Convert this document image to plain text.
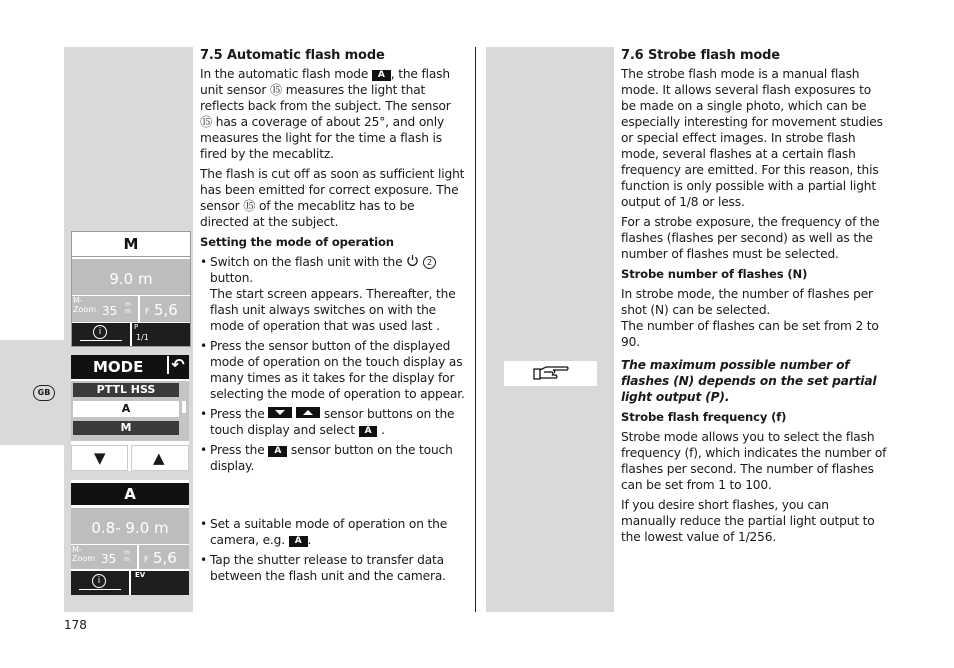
GB
M
9.0 m
M-
Zoom 35 m
m F 5,6
i	P
1/1
MODE ↶
PTTL HSS
A
M
▼	▲
A
0.8- 9.0 m
M-
Zoom 35 m
m F 5,6
i
EV
7.5 Automatic flash mode

In the automatic flash mode A , the flash unit sensor ⑮ measures the light that reflects back from the subject. The sensor ⑮ has a coverage of about 25°, and only measures the light for the time a flash is fired by the mecablitz.

The flash is cut off as soon as sufficient light has been emitted for correct exposure. The sensor ⑮ of the mecablitz has to be directed at the subject.

Setting the mode of operation
• Switch on the flash unit with the	2
button.
The start screen appears. Thereafter, the flash unit always switches on with the mode of operation that was used last .
• Press the sensor button of the displayed mode of operation on the touch display as many times as it takes for the display for selecting the mode of operation to appear.
• Press the
	sensor buttons on the touch display and select A .
• Press the A sensor button on the touch display.
• Set a suitable mode of operation on the camera, e.g. A .
• Tap the shutter release to transfer data between the flash unit and the camera.
7.6 Strobe flash mode

The strobe flash mode is a manual flash mode. It allows several flash exposures to be made on a single photo, which can be especially interesting for movement studies or special effect images. In strobe flash mode, several flashes at a certain flash frequency are emitted. For this reason, this function is only possible with a partial light output of 1/8 or less.

For a strobe exposure, the frequency of the flashes (flashes per second) as well as the number of flashes must be selected.

Strobe number of flashes (N)

In strobe mode, the number of flashes per shot (N) can be selected.

The number of flashes can be set from 2 to 90.

The maximum possible number of flashes (N) depends on the set partial light output (P).

Strobe flash frequency (f)

Strobe mode allows you to select the flash frequency (f), which indicates the number of flashes per second. The number of flashes can be set from 1 to 100.

If you desire short flashes, you can manually reduce the partial light output to the lowest value of 1/256.

178
